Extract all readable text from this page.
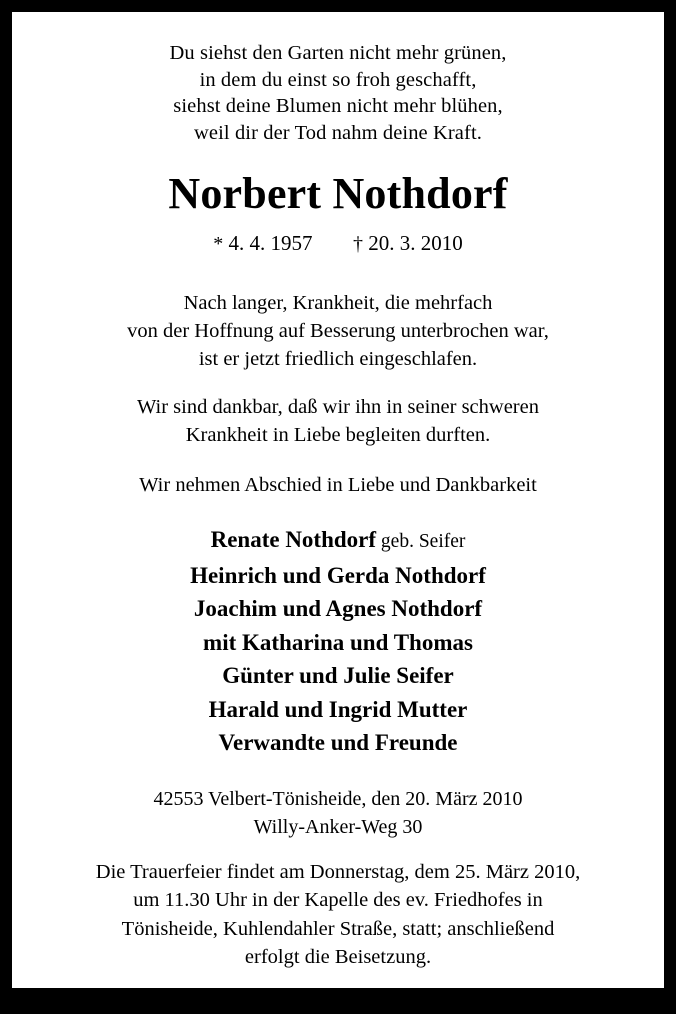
Du siehst den Garten nicht mehr grünen,
in dem du einst so froh geschafft,
siehst deine Blumen nicht mehr blühen,
weil dir der Tod nahm deine Kraft.
Norbert Nothdorf
* 4. 4. 1957 † 20. 3. 2010
Nach langer, Krankheit, die mehrfach
von der Hoffnung auf Besserung unterbrochen war,
ist er jetzt friedlich eingeschlafen.
Wir sind dankbar, daß wir ihn in seiner schweren
Krankheit in Liebe begleiten durften.
Wir nehmen Abschied in Liebe und Dankbarkeit
Renate Nothdorf geb. Seifer
Heinrich und Gerda Nothdorf
Joachim und Agnes Nothdorf
mit Katharina und Thomas
Günter und Julie Seifer
Harald und Ingrid Mutter
Verwandte und Freunde
42553 Velbert-Tönisheide, den 20. März 2010
Willy-Anker-Weg 30
Die Trauerfeier findet am Donnerstag, dem 25. März 2010,
um 11.30 Uhr in der Kapelle des ev. Friedhofes in
Tönisheide, Kuhlendahler Straße, statt; anschließend
erfolgt die Beisetzung.
Von Kondolationen ab Grabe bitten wir höflichst Abstand zu nehmen.
